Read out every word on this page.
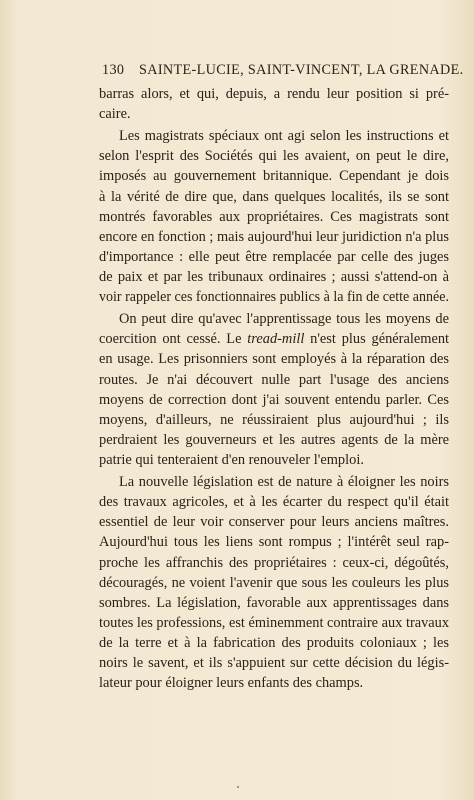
130 SAINTE-LUCIE, SAINT-VINCENT, LA GRENADE.
barras alors, et qui, depuis, a rendu leur position si pré-
caire.
Les magistrats spéciaux ont agi selon les instructions et
selon l'esprit des Sociétés qui les avaient, on peut le dire,
imposés au gouvernement britannique. Cependant je dois
à la vérité de dire que, dans quelques localités, ils se sont
montrés favorables aux propriétaires. Ces magistrats sont
encore en fonction ; mais aujourd'hui leur juridiction n'a plus
d'importance : elle peut être remplacée par celle des juges
de paix et par les tribunaux ordinaires ; aussi s'attend-on à
voir rappeler ces fonctionnaires publics à la fin de cette année.
On peut dire qu'avec l'apprentissage tous les moyens de
coercition ont cessé. Le tread-mill n'est plus généralement
en usage. Les prisonniers sont employés à la réparation des
routes. Je n'ai découvert nulle part l'usage des anciens
moyens de correction dont j'ai souvent entendu parler. Ces
moyens, d'ailleurs, ne réussiraient plus aujourd'hui ; ils
perdraient les gouverneurs et les autres agents de la mère
patrie qui tenteraient d'en renouveler l'emploi.
La nouvelle législation est de nature à éloigner les noirs
des travaux agricoles, et à les écarter du respect qu'il était
essentiel de leur voir conserver pour leurs anciens maîtres.
Aujourd'hui tous les liens sont rompus ; l'intérêt seul rap-
proche les affranchis des propriétaires : ceux-ci, dégoûtés,
découragés, ne voient l'avenir que sous les couleurs les plus
sombres. La législation, favorable aux apprentissages dans
toutes les professions, est éminemment contraire aux travaux
de la terre et à la fabrication des produits coloniaux ; les
noirs le savent, et ils s'appuient sur cette décision du légis-
lateur pour éloigner leurs enfants des champs.
